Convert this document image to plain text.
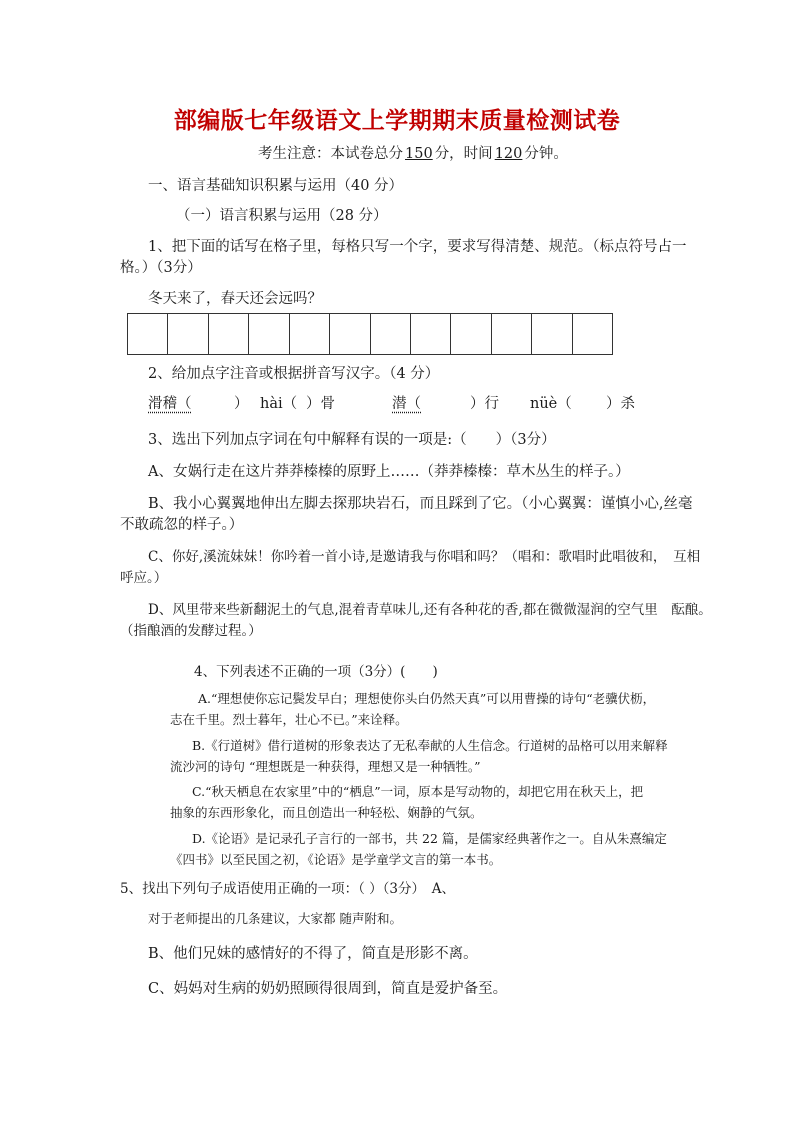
部编版七年级语文上学期期末质量检测试卷
考生注意：本试卷总分 150 分，时间 120 分钟。
一、语言基础知识积累与运用（40 分）
（一）语言积累与运用（28 分）
1、把下面的话写在格子里，每格只写一个字，要求写得清楚、规范。（标点符号占一
格。）（3分）
冬天来了，春天还会远吗？
2、给加点字注音或根据拼音写汉字。（4 分）
滑稽（	） hài（ ）骨	潜（	）行 nüè（ ）杀
3、选出下列加点字词在句中解释有误的一项是:（　　）（3分）
A、女娲行走在这片莽莽榛榛的原野上……（莽莽榛榛：草木丛生的样子。）
B、我小心翼翼地伸出左脚去探那块岩石，而且踩到了它。（小心翼翼：谨慎小心,丝毫
不敢疏忽的样子。）
C、你好,溪流妹妹！你吟着一首小诗,是邀请我与你唱和吗？（唱和：歌唱时此唱彼和，　互相
呼应。）
D、风里带来些新翻泥土的气息,混着青草味儿,还有各种花的香,都在微微湿润的空气里　酝酿。
（指酿酒的发酵过程。）
4、下列表述不正确的一项（3分）(　　)
A.“理想使你忘记鬓发早白；理想使你头白仍然天真”可以用曹操的诗句“老骥伏枥，
志在千里。烈士暮年，壮心不已。”来诠释。
B.《行道树》借行道树的形象表达了无私奉献的人生信念。行道树的品格可以用来解释
流沙河的诗句 “理想既是一种获得，理想又是一种牺牲。”
C.“秋天栖息在农家里”中的“栖息”一词，原本是写动物的，却把它用在秋天上，把
抽象的东西形象化，而且创造出一种轻松、娴静的气氛。
D.《论语》是记录孔子言行的一部书，共 22 篇，是儒家经典著作之一。自从朱熹编定
《四书》以至民国之初，《论语》是学童学文言的第一本书。
5、找出下列句子成语使用正确的一项：（ ）（3分）　A、
对于老师提出的几条建议，大家都 随声附和。
B、他们兄妹的感情好的不得了，简直是形影不离。
C、妈妈对生病的奶奶照顾得很周到，简直是爱护备至。
